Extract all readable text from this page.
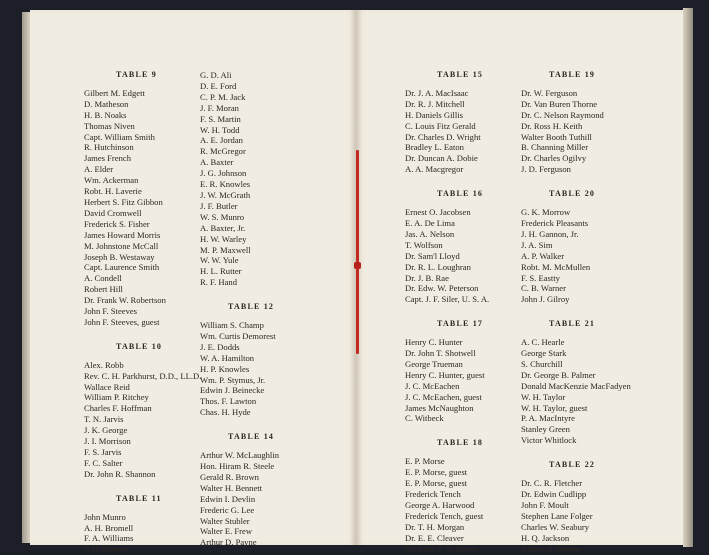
TABLE 9
Gilbert M. Edgett
D. Matheson
H. B. Noaks
Thomas Niven
Capt. William Smith
R. Hutchinson
James French
A. Elder
Wm. Ackerman
Robt. H. Laverie
Herbert S. Fitz Gibbon
David Cromwell
Frederick S. Fisher
James Howard Morris
M. Johnstone McCall
Joseph B. Westaway
Capt. Laurence Smith
A. Condell
Robert Hill
Dr. Frank W. Robertson
John F. Steeves
John F. Steeves, guest
TABLE 10
Alex. Robb
Rev. C. H. Parkhurst, D.D., LL.D.
Wallace Reid
William P. Ritchey
Charles F. Hoffman
T. N. Jarvis
J. K. George
J. I. Morrison
F. S. Jarvis
F. C. Salter
Dr. John R. Shannon
TABLE 11
John Munro
A. H. Bromell
F. A. Williams
J. H. Mancor
G. D. Ali
D. E. Ford
C. P. M. Jack
J. F. Moran
F. S. Martin
W. H. Todd
A. E. Jordan
R. McGregor
A. Baxter
J. G. Johnson
E. R. Knowles
J. W. McGrath
J. F. Butler
W. S. Munro
A. Baxter, Jr.
H. W. Warley
M. P. Maxwell
W. W. Yule
H. L. Rutter
R. F. Hand
TABLE 12
William S. Champ
Wm. Curtis Demorest
J. E. Dodds
W. A. Hamilton
H. P. Knowles
Wm. P. Stymus, Jr.
Edwin J. Beinecke
Thos. F. Lawton
Chas. H. Hyde
TABLE 14
Arthur W. McLaughlin
Hon. Hiram R. Steele
Gerald R. Brown
Walter H. Bennett
Edwin I. Devlin
Frederic G. Lee
Walter Stubler
Walter E. Frew
Arthur D. Payne
TABLE 15
Dr. J. A. MacIsaac
Dr. R. J. Mitchell
H. Daniels Gillis
C. Louis Fitz Gerald
Dr. Charles D. Wright
Bradley L. Eaton
Dr. Duncan A. Dobie
A. A. Macgregor
TABLE 16
Ernest O. Jacobsen
E. A. De Lima
Jas. A. Nelson
T. Wolfson
Dr. Sam'l Lloyd
Dr. R. L. Loughran
Dr. J. B. Rae
Dr. Edw. W. Peterson
Capt. J. F. Siler, U. S. A.
TABLE 17
Henry C. Hunter
Dr. John T. Shotwell
George Trueman
Henry C. Hunter, guest
J. C. McEachen
J. C. McEachen, guest
James McNaughton
C. Witbeck
TABLE 18
E. P. Morse
E. P. Morse, guest
E. P. Morse, guest
Frederick Tench
George A. Harwood
Frederick Tench, guest
Dr. T. H. Morgan
Dr. E. E. Cleaver
Dr. John T. W. Rowe
TABLE 19
Dr. W. Ferguson
Dr. Van Buren Thorne
Dr. C. Nelson Raymond
Dr. Ross H. Keith
Walter Booth Tuthill
B. Channing Miller
Dr. Charles Ogilvy
J. D. Ferguson
TABLE 20
G. K. Morrow
Frederick Pleasants
J. H. Gannon, Jr.
J. A. Sim
A. P. Walker
Robt. M. McMullen
F. S. Eastty
C. B. Warner
John J. Gilroy
TABLE 21
A. C. Hearle
George Stark
S. Churchill
Dr. George B. Palmer
Donald MacKenzie MacFadyen
W. H. Taylor
W. H. Taylor, guest
P. A. MacIntyre
Stanley Green
Victor Whitlock
TABLE 22
Dr. C. R. Fletcher
Dr. Edwin Cudlipp
John F. Moult
Stephen Lane Folger
Charles W. Seabury
H. Q. Jackson
Arthur D. Bowne
